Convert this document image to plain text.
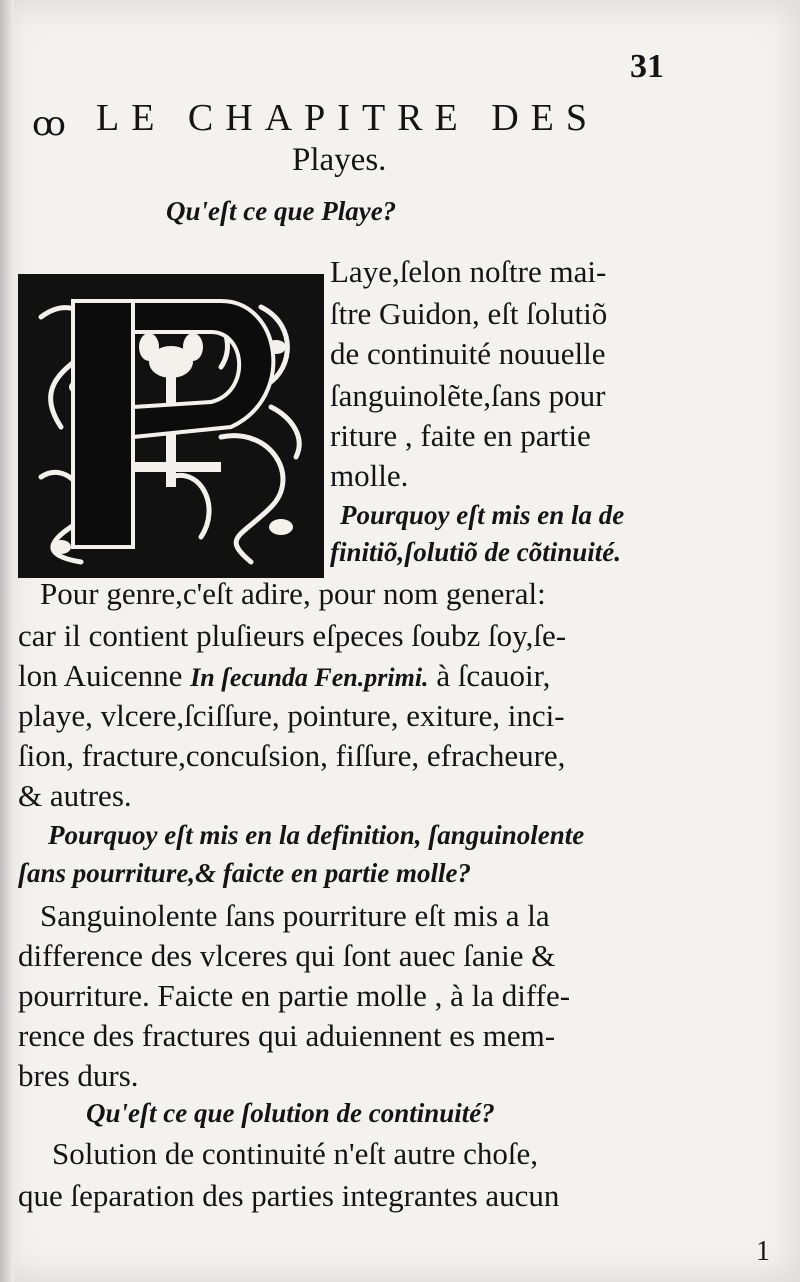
31
ꝏ LE CHAPITRE DES
Playes.
Qu'eſt ce que Playe?
Laye,ſelon noſtre mai-
ſtre Guidon, eſt ſolutiõ
de continuité nouuelle
ſanguinolẽte,ſans pour
riture , faite en partie
molle.
Pourquoy eſt mis en la de
finitiõ,ſolutiõ de cõtinuité.
Pour genre,c'eſt adire, pour nom general:
car il contient pluſieurs eſpeces ſoubz ſoy,ſe-
lon Auicenne In ſecunda Fen.primi. à ſcauoir,
playe, vlcere,ſciſſure, pointure, exiture, inci-
ſion, fracture,concuſsion, fiſſure, efracheure,
& autres.
Pourquoy eſt mis en la definition, ſanguinolente
ſans pourriture,& faicte en partie molle?
Sanguinolente ſans pourriture eſt mis a la
difference des vlceres qui ſont auec ſanie &
pourriture. Faicte en partie molle , à la diffe-
rence des fractures qui aduiennent es mem-
bres durs.
Qu'eſt ce que ſolution de continuité?
Solution de continuité n'eſt autre choſe,
que ſeparation des parties integrantes aucun
1
